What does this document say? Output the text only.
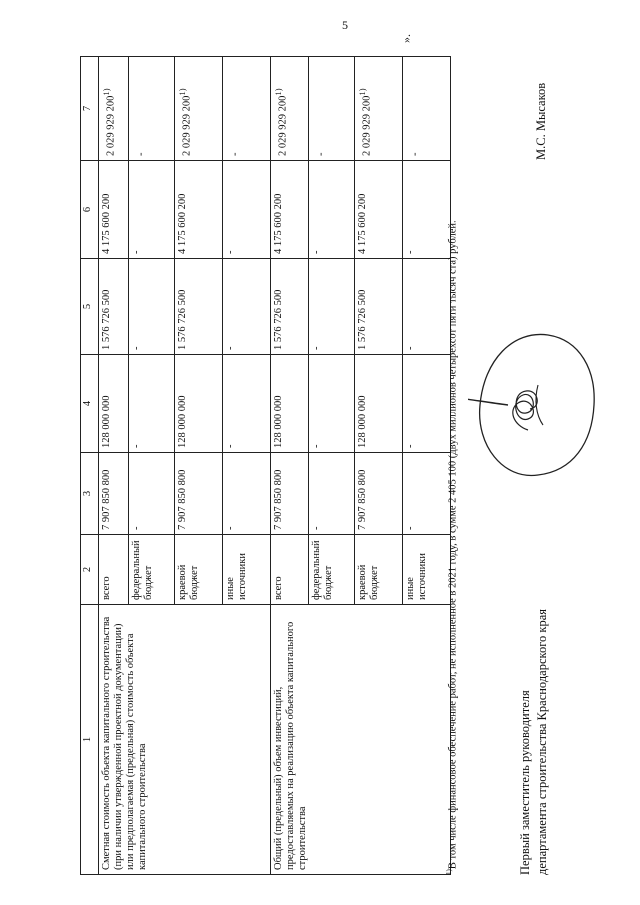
5
1	2	3	4	5	6	7
Сметная стоимость объекта капитального строительства (при наличии утвержденной проектной документации) или предполагаемая (предельная) стоимость объекта капитального строительства	всего	7 907 850 800	128 000 000	1 576 726 500	4 175 600 200	2 029 929 200$^{1)}$
	федеральный бюджет	-	-	-	-	-
	краевой бюджет	7 907 850 800	128 000 000	1 576 726 500	4 175 600 200	2 029 929 200$^{1)}$
	иные источники	-	-	-	-	-
Общий (предельный) объем инвестиций, предоставляемых на реализацию объекта капитального строительства	всего	7 907 850 800	128 000 000	1 576 726 500	4 175 600 200	2 029 929 200$^{1)}$
	федеральный бюджет	-	-	-	-	-
	краевой бюджет	7 907 850 800	128 000 000	1 576 726 500	4 175 600 200	2 029 929 200$^{1)}$
	иные источники	-	-	-	-	-
».
$^{1)}$В том числе финансовое обеспечение работ, не исполненное в 2021 году, в сумме 2 405 100 (двух миллионов четырехсот пяти тысяч ста) рублей.	Первый заместитель руководителя департамента строительства Краснодарского края
М.С. Мысаков
